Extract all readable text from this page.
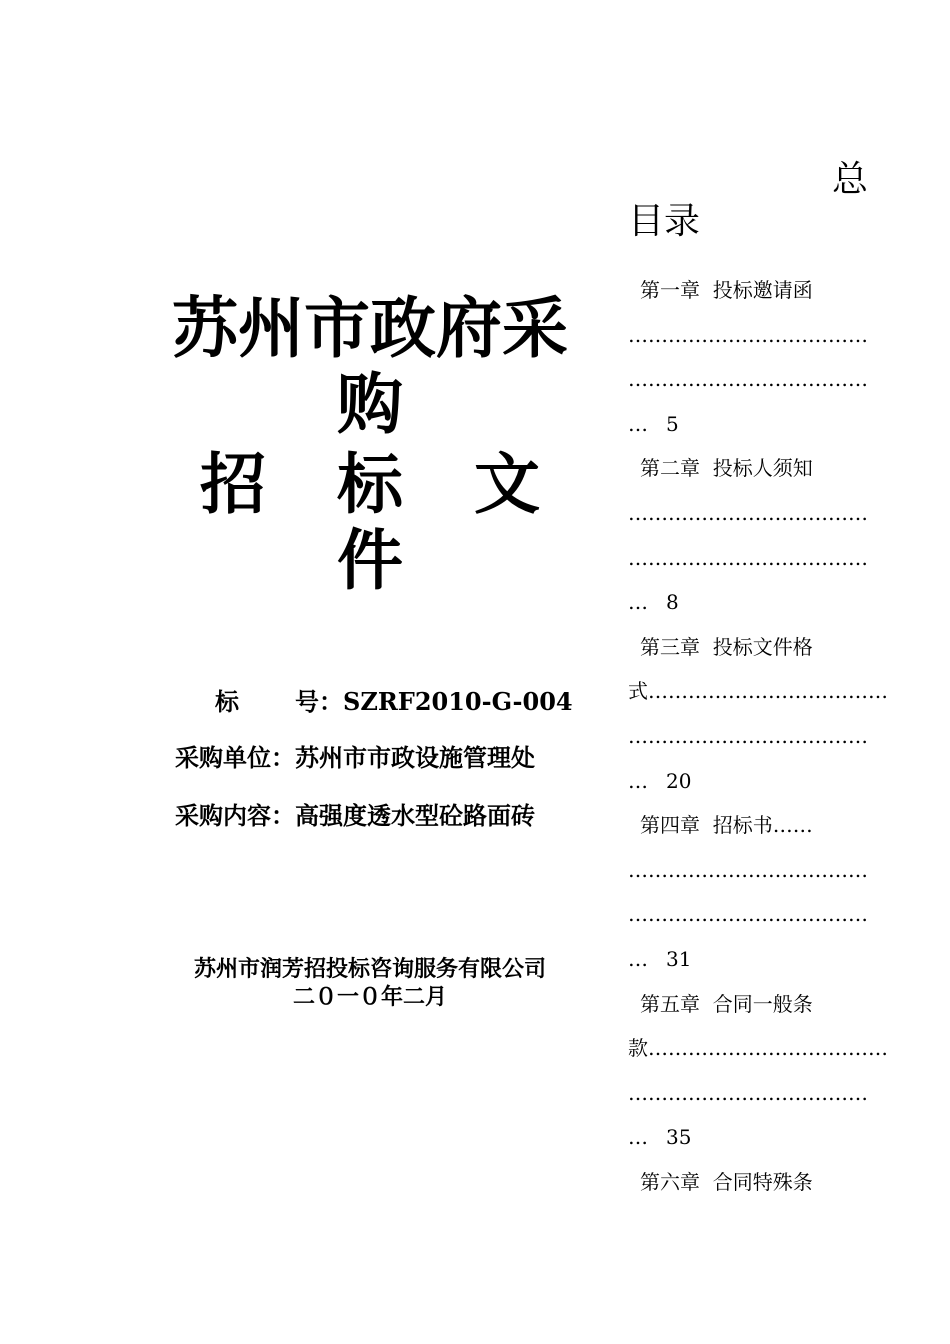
苏州市政府采
购
招 标 文
件
标 号：SZRF2010-G-004
采购单位：苏州市市政设施管理处
采购内容：高强度透水型砼路面砖
苏州市润芳招投标咨询服务有限公司
二０一０年二月
总
目录
第一章 投标邀请函
………………………………
………………………………
… 5
第二章 投标人须知
………………………………
………………………………
… 8
第三章 投标文件格
式………………………………
………………………………
… 20
第四章 招标书……
………………………………
………………………………
… 31
第五章 合同一般条
款………………………………
………………………………
… 35
第六章 合同特殊条
